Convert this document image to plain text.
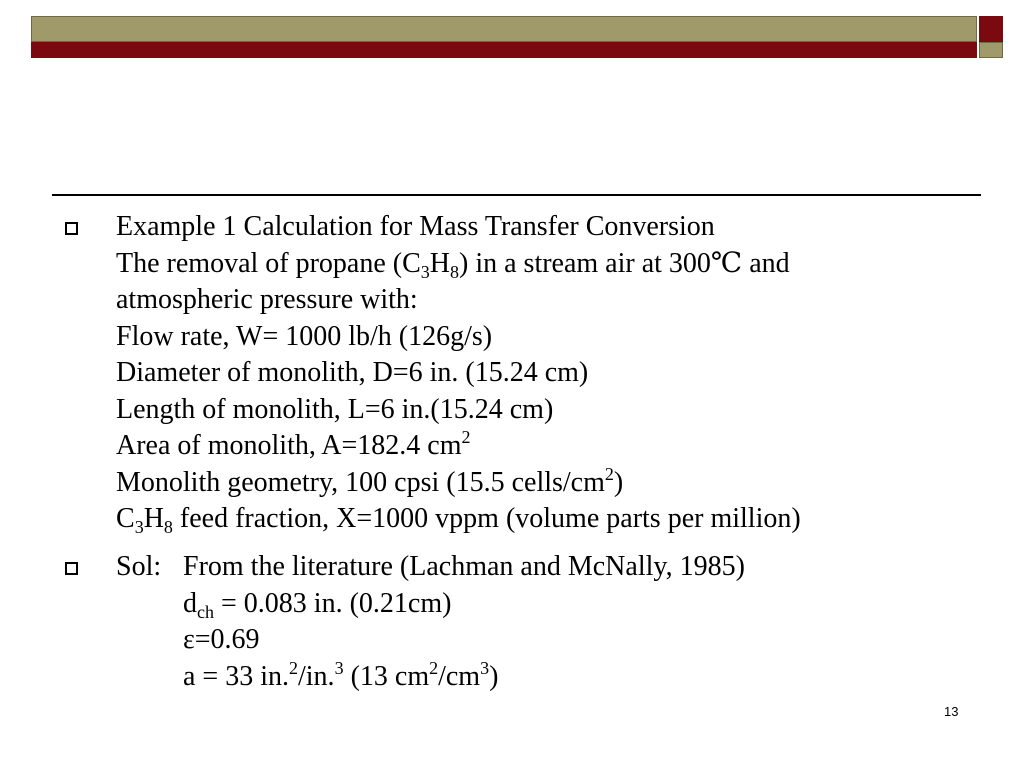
Example 1 Calculation for Mass Transfer Conversion
The removal of propane $(C_3H_8)$ in a stream air at 300℃ and
atmospheric pressure with:
Flow rate, W= 1000 lb/h (126g/s)
Diameter of monolith, D=6 in. (15.24 cm)
Length of monolith, L=6 in.(15.24 cm)
Area of monolith, A=182.4 $cm^2$
Monolith geometry, 100 cpsi (15.5 cells/$cm^2$)
$C_3H_8$ feed fraction, X=1000 vppm (volume parts per million)
Sol: From the literature (Lachman and McNally, 1985)
$d_{ch} = 0.083$ in. (0.21cm)
ε=0.69
a = 33 in.$^2$/in.$^3$ (13 $cm^2/cm^3$)
13
